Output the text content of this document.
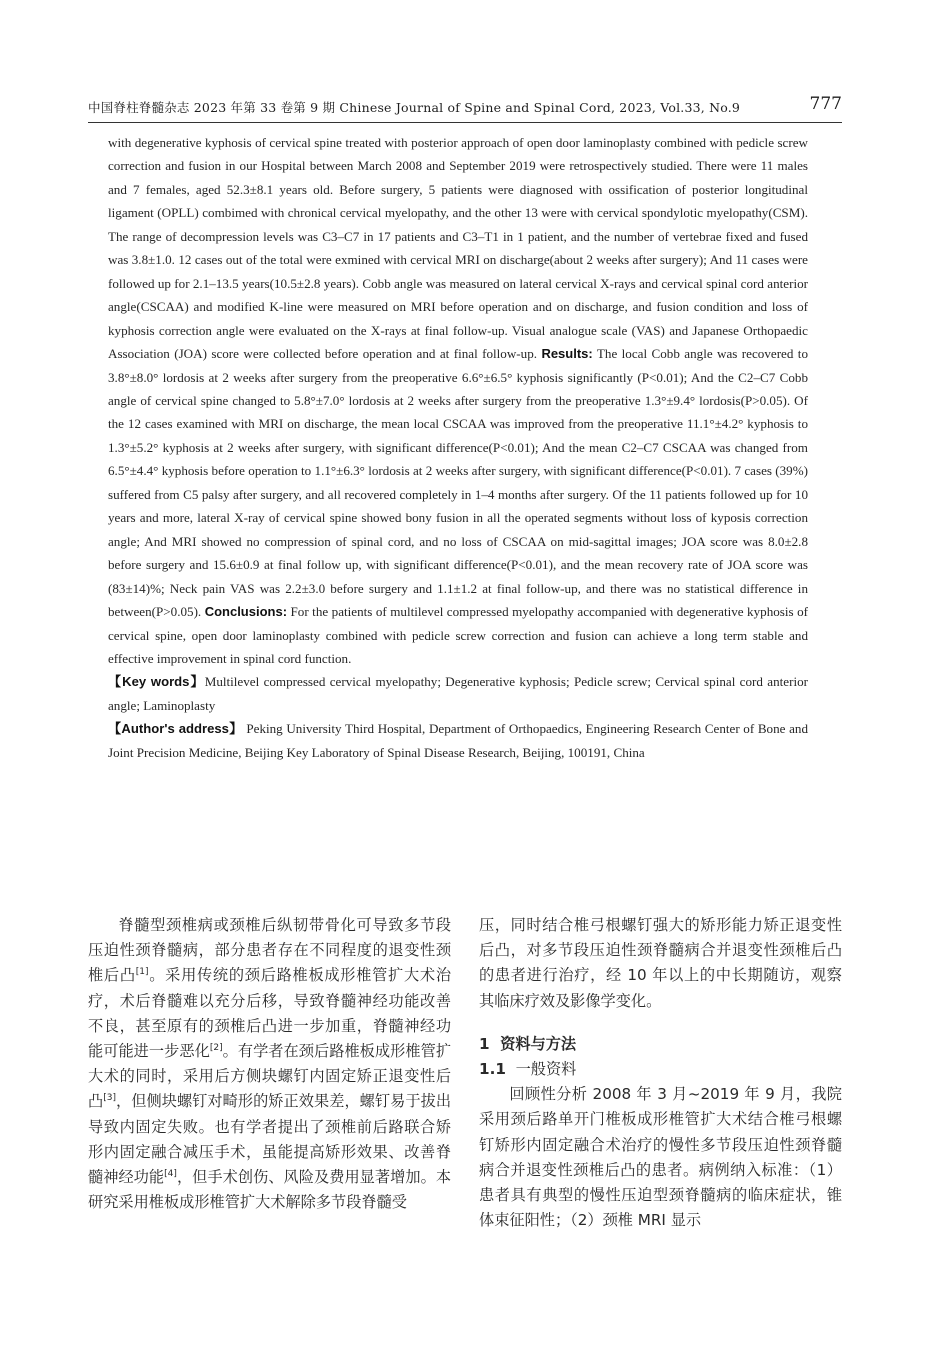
中国脊柱脊髓杂志 2023 年第 33 卷第 9 期 Chinese Journal of Spine and Spinal Cord, 2023, Vol.33, No.9	777

with degenerative kyphosis of cervical spine treated with posterior approach of open door laminoplasty combined with pedicle screw correction and fusion in our Hospital between March 2008 and September 2019 were retrospectively studied. There were 11 males and 7 females, aged 52.3±8.1 years old. Before surgery, 5 patients were diagnosed with ossification of posterior longitudinal ligament (OPLL) combimed with chronical cervical myelopathy, and the other 13 were with cervical spondylotic myelopathy(CSM). The range of decompression levels was C3–C7 in 17 patients and C3–T1 in 1 patient, and the number of vertebrae fixed and fused was 3.8±1.0. 12 cases out of the total were exmined with cervical MRI on discharge(about 2 weeks after surgery); And 11 cases were followed up for 2.1–13.5 years(10.5±2.8 years). Cobb angle was measured on lateral cervical X-rays and cervical spinal cord anterior angle(CSCAA) and modified K-line were measured on MRI before operation and on discharge, and fusion condition and loss of kyphosis correction angle were evaluated on the X-rays at final follow-up. Visual analogue scale (VAS) and Japanese Orthopaedic Association (JOA) score were collected before operation and at final follow-up. Results: The local Cobb angle was recovered to 3.8°±8.0° lordosis at 2 weeks after surgery from the preoperative 6.6°±6.5° kyphosis significantly (P<0.01); And the C2–C7 Cobb angle of cervical spine changed to 5.8°±7.0° lordosis at 2 weeks after surgery from the preoperative 1.3°±9.4° lordosis(P>0.05). Of the 12 cases examined with MRI on discharge, the mean local CSCAA was improved from the preoperative 11.1°±4.2° kyphosis to 1.3°±5.2° kyphosis at 2 weeks after surgery, with significant difference(P<0.01); And the mean C2–C7 CSCAA was changed from 6.5°±4.4° kyphosis before operation to 1.1°±6.3° lordosis at 2 weeks after surgery, with significant difference(P<0.01). 7 cases (39%) suffered from C5 palsy after surgery, and all recovered completely in 1–4 months after surgery. Of the 11 patients followed up for 10 years and more, lateral X-ray of cervical spine showed bony fusion in all the operated segments without loss of kyposis correction angle; And MRI showed no compression of spinal cord, and no loss of CSCAA on mid-sagittal images; JOA score was 8.0±2.8 before surgery and 15.6±0.9 at final follow up, with significant difference(P<0.01), and the mean recovery rate of JOA score was (83±14)%; Neck pain VAS was 2.2±3.0 before surgery and 1.1±1.2 at final follow-up, and there was no statistical difference in between(P>0.05). Conclusions: For the patients of multilevel compressed myelopathy accompanied with degenerative kyphosis of cervical spine, open door laminoplasty combined with pedicle screw correction and fusion can achieve a long term stable and effective improvement in spinal cord function.

【Key words】Multilevel compressed cervical myelopathy; Degenerative kyphosis; Pedicle screw; Cervical spinal cord anterior angle; Laminoplasty

【Author's address】 Peking University Third Hospital, Department of Orthopaedics, Engineering Research Center of Bone and Joint Precision Medicine, Beijing Key Laboratory of Spinal Disease Research, Beijing, 100191, China

脊髓型颈椎病或颈椎后纵韧带骨化可导致多节段压迫性颈脊髓病，部分患者存在不同程度的退变性颈椎后凸[1]。采用传统的颈后路椎板成形椎管扩大术治疗，术后脊髓难以充分后移，导致脊髓神经功能改善不良，甚至原有的颈椎后凸进一步加重，脊髓神经功能可能进一步恶化[2]。有学者在颈后路椎板成形椎管扩大术的同时，采用后方侧块螺钉内固定矫正退变性后凸[3]，但侧块螺钉对畸形的矫正效果差，螺钉易于拔出导致内固定失败。也有学者提出了颈椎前后路联合矫形内固定融合减压手术，虽能提高矫形效果、改善脊髓神经功能[4]，但手术创伤、风险及费用显著增加。本研究采用椎板成形椎管扩大术解除多节段脊髓受

压，同时结合椎弓根螺钉强大的矫形能力矫正退变性后凸，对多节段压迫性颈脊髓病合并退变性颈椎后凸的患者进行治疗，经 10 年以上的中长期随访，观察其临床疗效及影像学变化。

1 资料与方法

1.1 一般资料

回顾性分析 2008 年 3 月~2019 年 9 月，我院采用颈后路单开门椎板成形椎管扩大术结合椎弓根螺钉矫形内固定融合术治疗的慢性多节段压迫性颈脊髓病合并退变性颈椎后凸的患者。病例纳入标准：（1）患者具有典型的慢性压迫型颈脊髓病的临床症状，锥体束征阳性；（2）颈椎 MRI 显示
